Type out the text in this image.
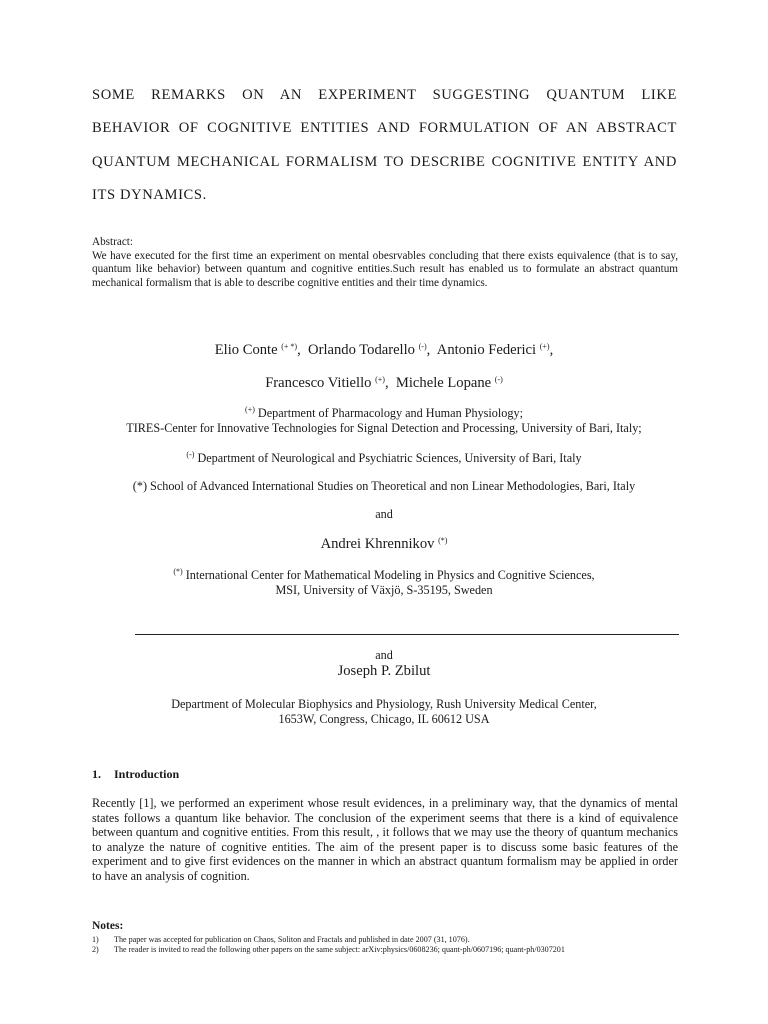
SOME REMARKS ON AN EXPERIMENT SUGGESTING QUANTUM LIKE

BEHAVIOR OF COGNITIVE ENTITIES AND FORMULATION OF AN ABSTRACT

QUANTUM MECHANICAL FORMALISM TO DESCRIBE COGNITIVE ENTITY AND

ITS DYNAMICS.

Abstract:

We have executed for the first time an experiment on mental obesrvables concluding that there exists equivalence (that is to say, quantum like behavior) between quantum and cognitive entities.Such result has enabled us to formulate an abstract quantum mechanical formalism that is able to describe cognitive entities and their time dynamics.

Elio Conte (+ *), Orlando Todarello (-), Antonio Federici (+),

Francesco Vitiello (+), Michele Lopane (-)

(+) Department of Pharmacology and Human Physiology;
TIRES-Center for Innovative Technologies for Signal Detection and Processing, University of Bari, Italy;

(-) Department of Neurological and Psychiatric Sciences, University of Bari, Italy

(*) School of Advanced International Studies on Theoretical and non Linear Methodologies, Bari, Italy

and

Andrei Khrennikov (*)

(*) International Center for Mathematical Modeling in Physics and Cognitive Sciences,
MSI, University of Växjö, S-35195, Sweden

and

Joseph P. Zbilut

Department of Molecular Biophysics and Physiology, Rush University Medical Center,
1653W, Congress, Chicago, IL 60612 USA

1. Introduction

Recently [1], we performed an experiment whose result evidences, in a preliminary way, that the dynamics of mental states follows a quantum like behavior. The conclusion of the experiment seems that there is a kind of equivalence between quantum and cognitive entities. From this result, , it follows that we may use the theory of quantum mechanics to analyze the nature of cognitive entities. The aim of the present paper is to discuss some basic features of the experiment and to give first evidences on the manner in which an abstract quantum formalism may be applied in order to have an analysis of cognition.

Notes:

1) The paper was accepted for publication on Chaos, Soliton and Fractals and published in date 2007 (31, 1076).

2) The reader is invited to read the following other papers on the same subject: arXiv:physics/0608236; quant-ph/0607196; quant-ph/0307201
